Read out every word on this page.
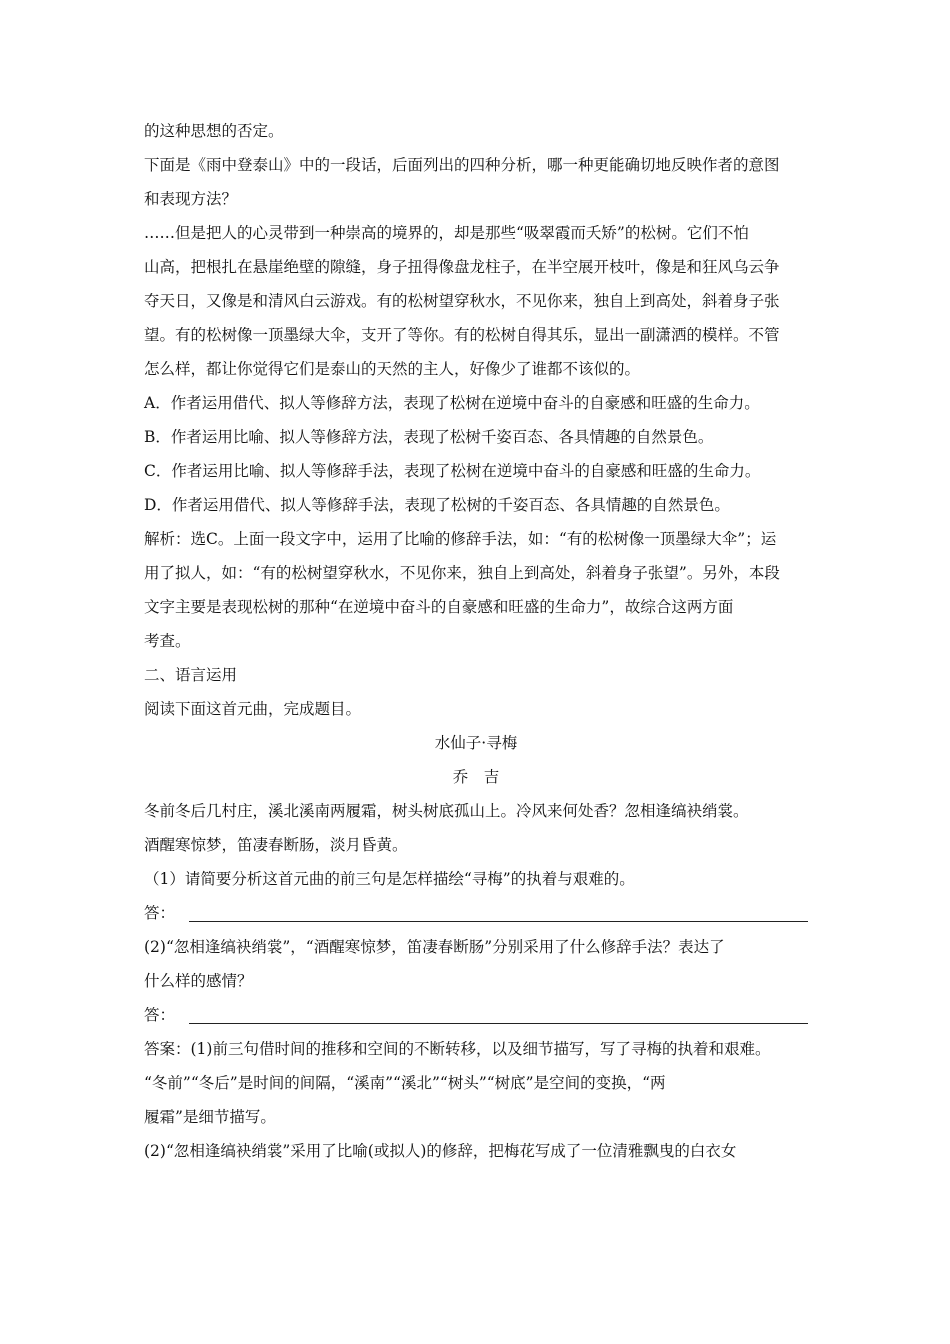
的这种思想的否定。

下面是《雨中登泰山》中的一段话，后面列出的四种分析，哪一种更能确切地反映作者的意图

和表现方法？

……但是把人的心灵带到一种崇高的境界的，却是那些“吸翠霞而夭矫”的松树。它们不怕

山高，把根扎在悬崖绝壁的隙缝，身子扭得像盘龙柱子，在半空展开枝叶，像是和狂风乌云争

夺天日，又像是和清风白云游戏。有的松树望穿秋水，不见你来，独自上到高处，斜着身子张

望。有的松树像一顶墨绿大伞，支开了等你。有的松树自得其乐，显出一副潇洒的模样。不管

怎么样，都让你觉得它们是泰山的天然的主人，好像少了谁都不该似的。

A．作者运用借代、拟人等修辞方法，表现了松树在逆境中奋斗的自豪感和旺盛的生命力。

B．作者运用比喻、拟人等修辞方法，表现了松树千姿百态、各具情趣的自然景色。

C．作者运用比喻、拟人等修辞手法，表现了松树在逆境中奋斗的自豪感和旺盛的生命力。

D．作者运用借代、拟人等修辞手法，表现了松树的千姿百态、各具情趣的自然景色。

解析：选C。上面一段文字中，运用了比喻的修辞手法，如：“有的松树像一顶墨绿大伞”；运

用了拟人，如：“有的松树望穿秋水，不见你来，独自上到高处，斜着身子张望”。另外，本段

文字主要是表现松树的那种“在逆境中奋斗的自豪感和旺盛的生命力”，故综合这两方面

考查。

二、语言运用

阅读下面这首元曲，完成题目。

水仙子·寻梅

乔　吉

冬前冬后几村庄，溪北溪南两履霜，树头树底孤山上。冷风来何处香？忽相逢缟袂绡裳。

酒醒寒惊梦，笛凄春断肠，淡月昏黄。

（1）请简要分析这首元曲的前三句是怎样描绘“寻梅”的执着与艰难的。

答：

(2)“忽相逢缟袂绡裳”，“酒醒寒惊梦，笛凄春断肠”分别采用了什么修辞手法？表达了

什么样的感情？

答：

答案：(1)前三句借时间的推移和空间的不断转移，以及细节描写，写了寻梅的执着和艰难。

“冬前”“冬后”是时间的间隔，“溪南”“溪北”“树头”“树底”是空间的变换，“两

履霜”是细节描写。

(2)“忽相逢缟袂绡裳”采用了比喻(或拟人)的修辞，把梅花写成了一位清雅飘曳的白衣女
